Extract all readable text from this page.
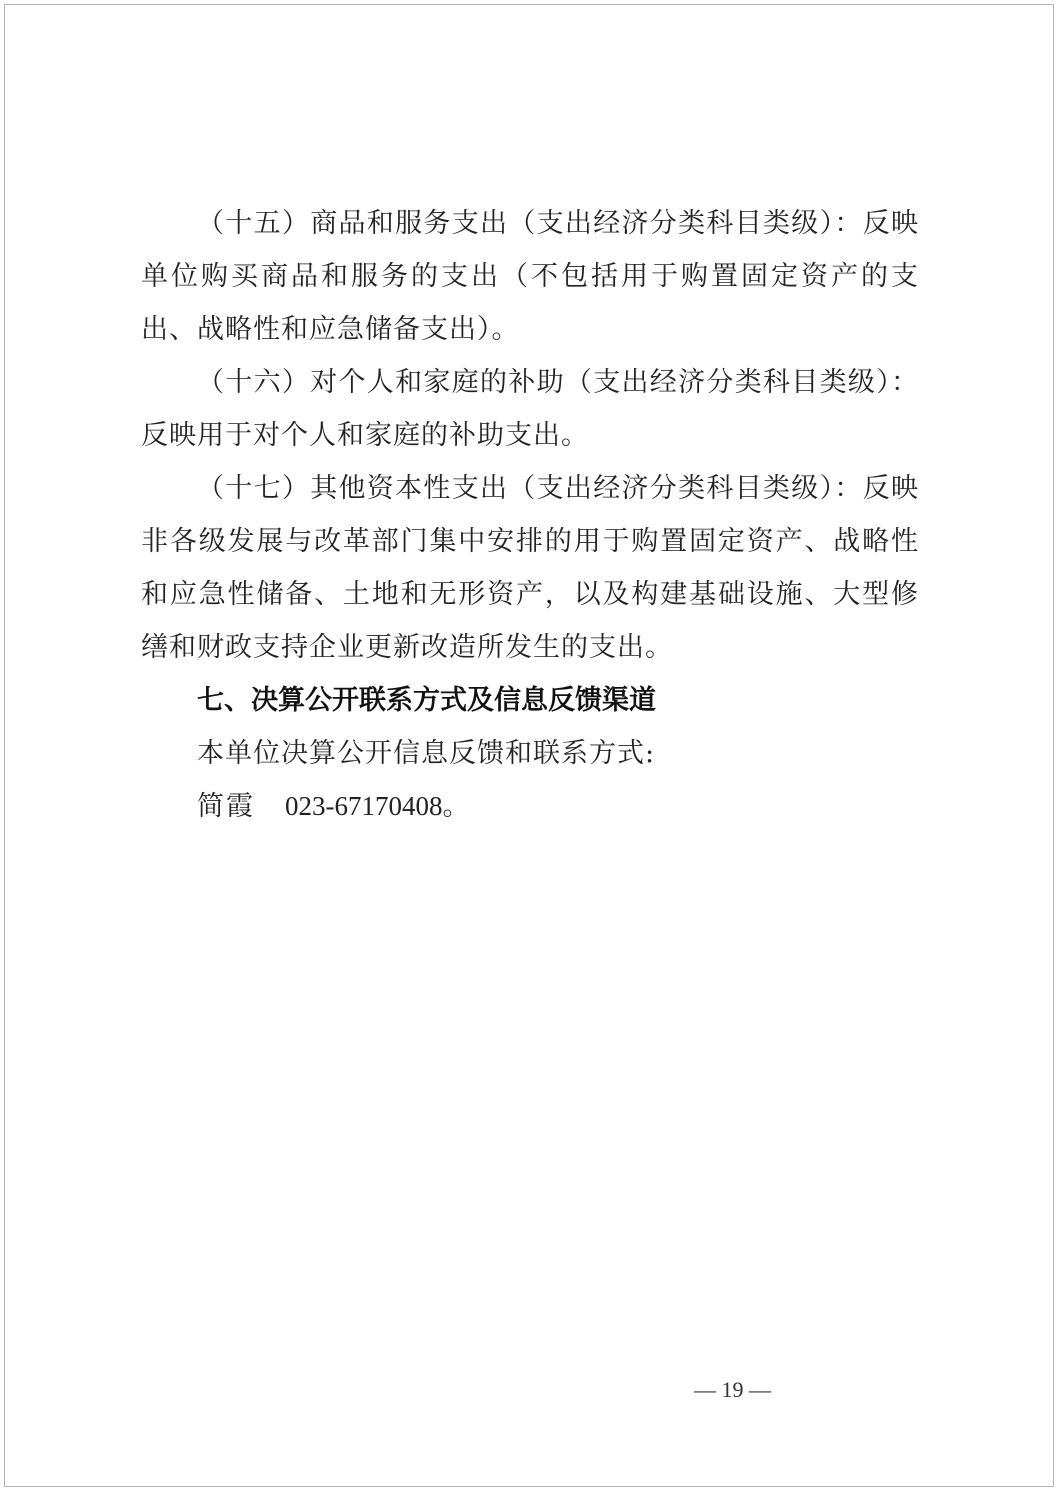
（十五）商品和服务支出（支出经济分类科目类级）：反映单位购买商品和服务的支出（不包括用于购置固定资产的支出、战略性和应急储备支出）。

（十六）对个人和家庭的补助（支出经济分类科目类级）：反映用于对个人和家庭的补助支出。

（十七）其他资本性支出（支出经济分类科目类级）：反映非各级发展与改革部门集中安排的用于购置固定资产、战略性和应急性储备、土地和无形资产，以及构建基础设施、大型修缮和财政支持企业更新改造所发生的支出。

七、决算公开联系方式及信息反馈渠道

本单位决算公开信息反馈和联系方式:

简霞 023-67170408。

— 19 —
